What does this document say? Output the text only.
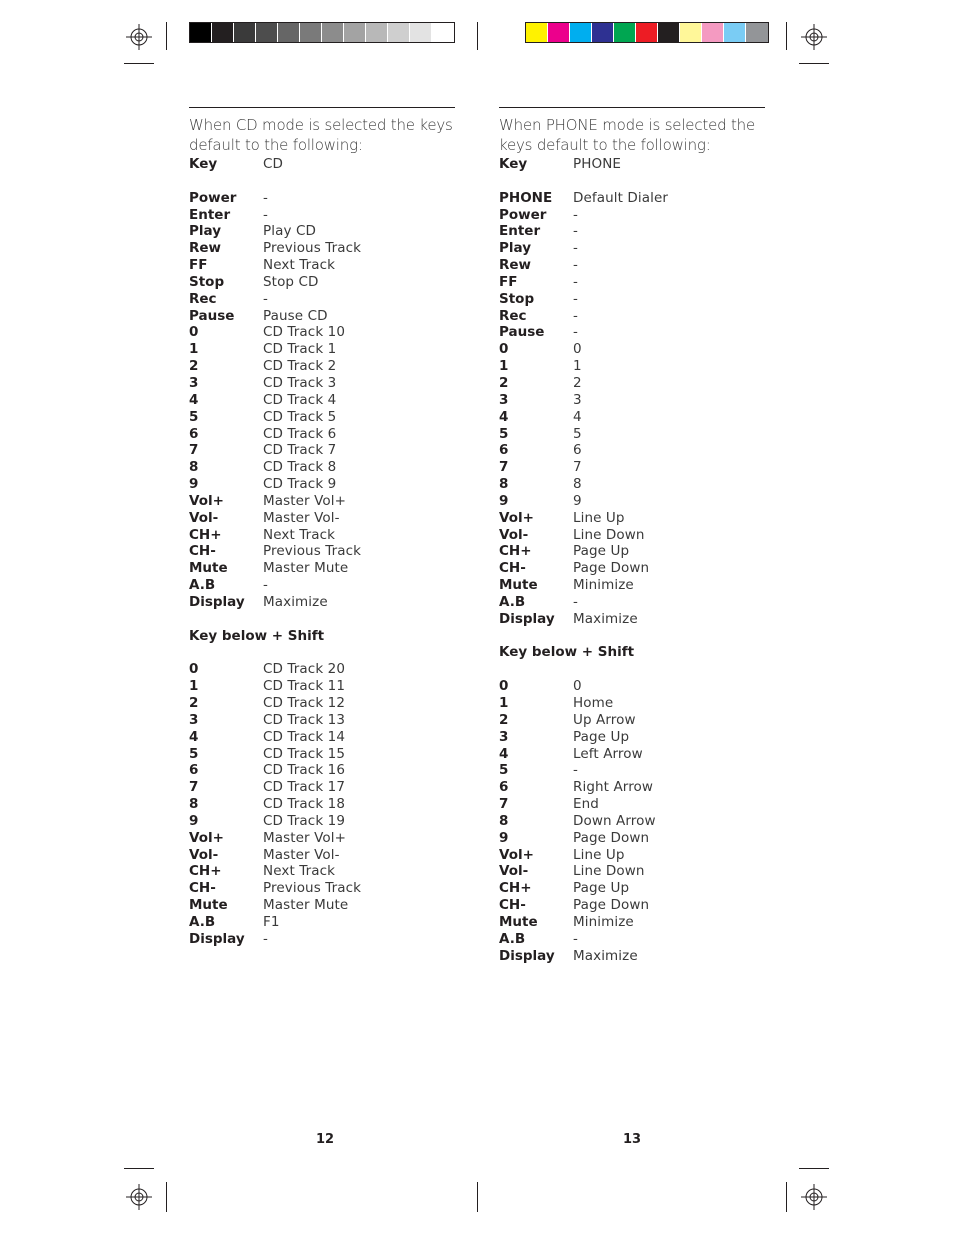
When CD mode is selected the keys default to the following:
Key	CD
Power	-
Enter	-
Play	Play CD
Rew	Previous Track
FF	Next Track
Stop	Stop CD
Rec	-
Pause	Pause CD
0	CD Track 10
1	CD Track 1
2	CD Track 2
3	CD Track 3
4	CD Track 4
5	CD Track 5
6	CD Track 6
7	CD Track 7
8	CD Track 8
9	CD Track 9
Vol+	Master Vol+
Vol-	Master Vol-
CH+	Next Track
CH-	Previous Track
Mute	Master Mute
A.B	-
Display	Maximize
Key below + Shift
0	CD Track 20
1	CD Track 11
2	CD Track 12
3	CD Track 13
4	CD Track 14
5	CD Track 15
6	CD Track 16
7	CD Track 17
8	CD Track 18
9	CD Track 19
Vol+	Master Vol+
Vol-	Master Vol-
CH+	Next Track
CH-	Previous Track
Mute	Master Mute
A.B	F1
Display	-
When PHONE mode is selected the keys default to the following:
Key	PHONE
PHONE	Default Dialer
Power	-
Enter	-
Play	-
Rew	-
FF	-
Stop	-
Rec	-
Pause	-
0	0
1	1
2	2
3	3
4	4
5	5
6	6
7	7
8	8
9	9
Vol+	Line Up
Vol-	Line Down
CH+	Page Up
CH-	Page Down
Mute	Minimize
A.B	-
Display	Maximize
Key below + Shift
0	0
1	Home
2	Up Arrow
3	Page Up
4	Left Arrow
5	-
6	Right Arrow
7	End
8	Down Arrow
9	Page Down
Vol+	Line Up
Vol-	Line Down
CH+	Page Up
CH-	Page Down
Mute	Minimize
A.B	-
Display	Maximize
12	13
